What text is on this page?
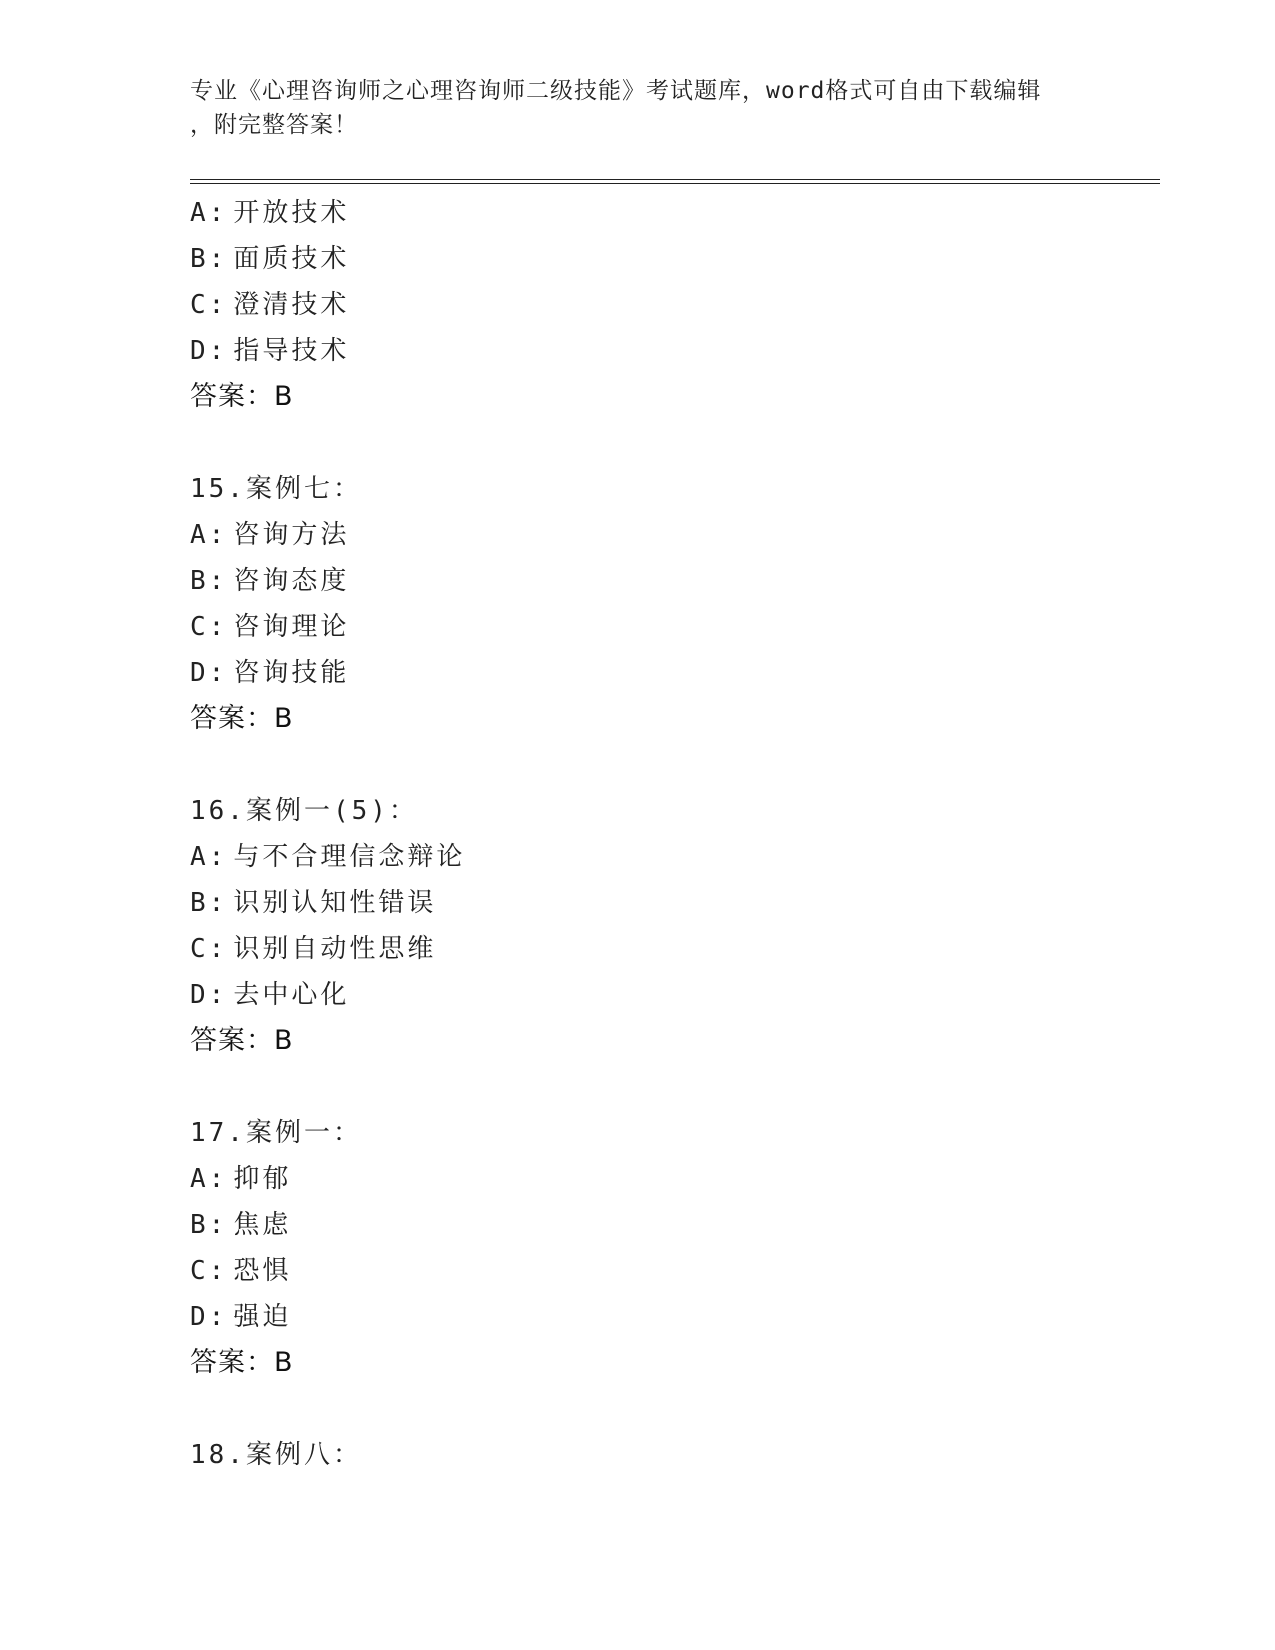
专业《心理咨询师之心理咨询师二级技能》考试题库，word格式可自由下载编辑
，附完整答案！
A: 开放技术
B: 面质技术
C: 澄清技术
D: 指导技术
答案：B
15.案例七：
A: 咨询方法
B: 咨询态度
C: 咨询理论
D: 咨询技能
答案：B
16.案例一(5)：
A: 与不合理信念辩论
B: 识别认知性错误
C: 识别自动性思维
D: 去中心化
答案：B
17.案例一：
A: 抑郁
B: 焦虑
C: 恐惧
D: 强迫
答案：B
18.案例八：
